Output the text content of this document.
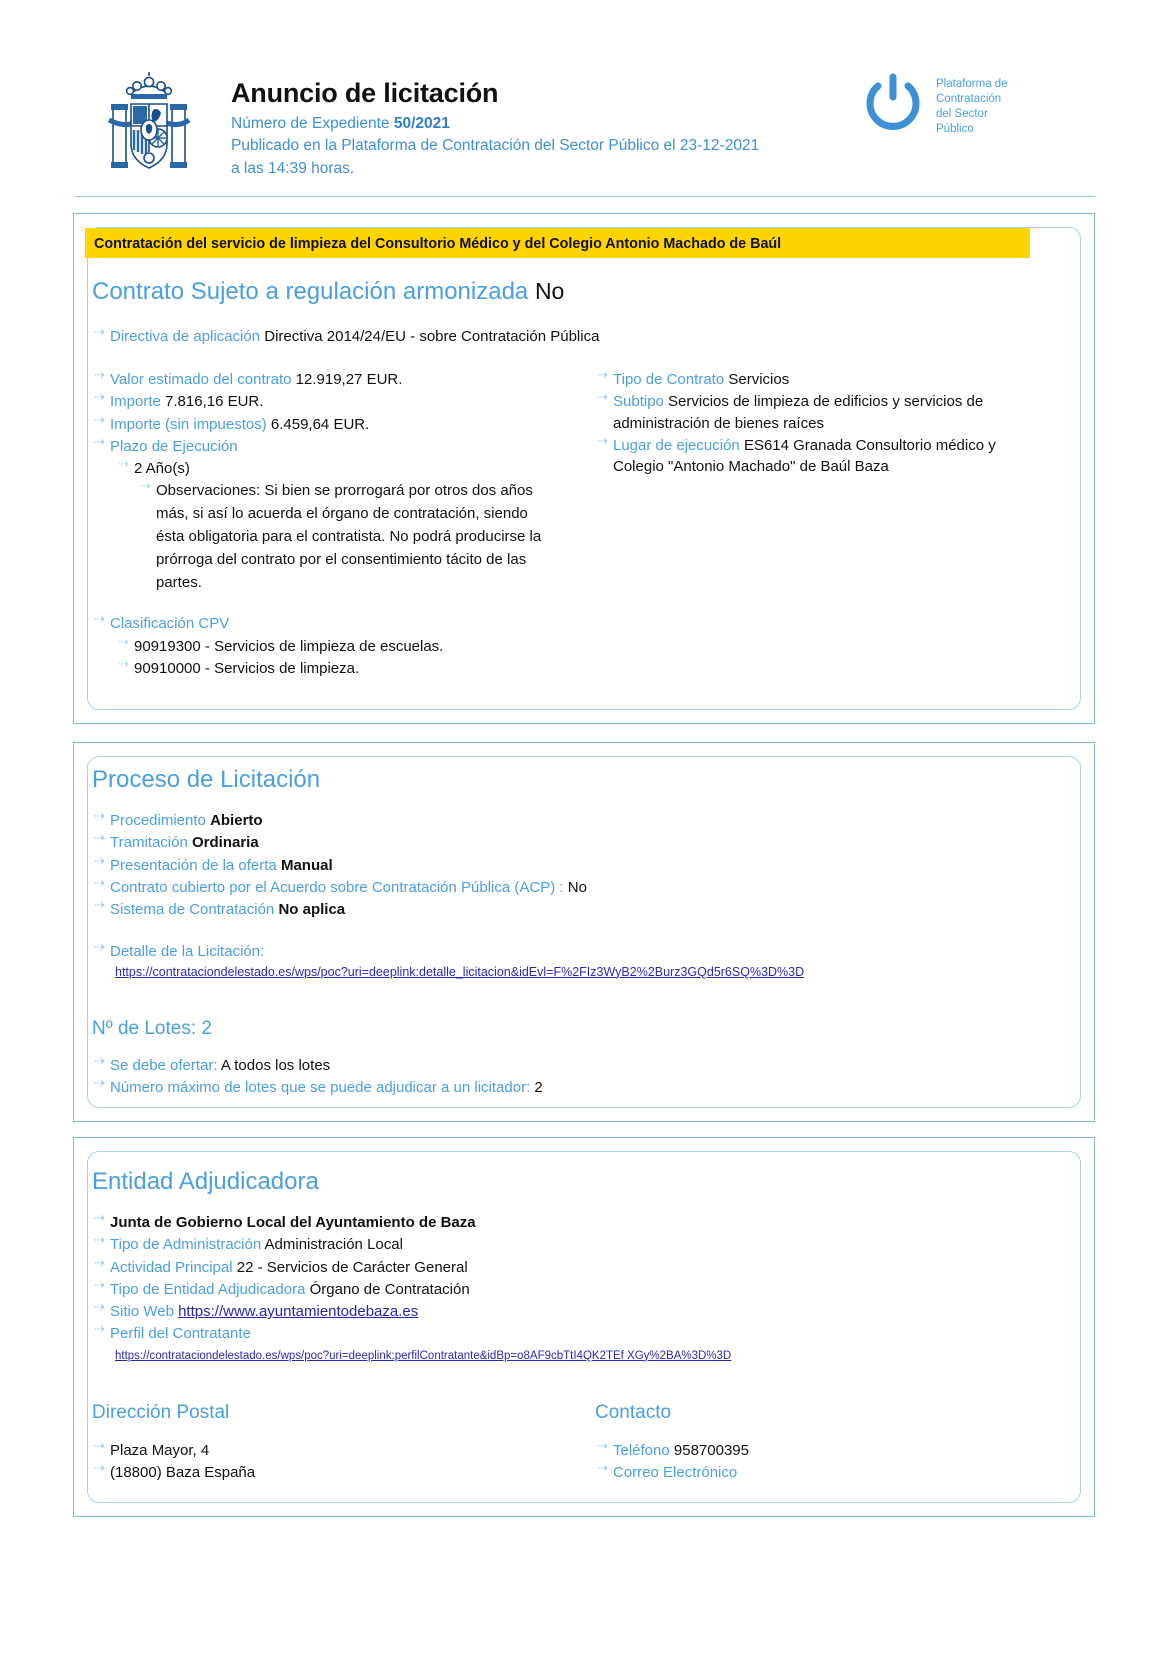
Anuncio de licitación
Número de Expediente 50/2021
Publicado en la Plataforma de Contratación del Sector Público el 23-12-2021
a las 14:39 horas.
Plataforma de
Contratación
del Sector
Público
Contratación del servicio de limpieza del Consultorio Médico y del Colegio Antonio Machado de Baúl
Contrato Sujeto a regulación armonizada No
⇢ Directiva de aplicación Directiva 2014/24/EU - sobre Contratación Pública
⇢ Valor estimado del contrato 12.919,27 EUR.
⇢ Importe 7.816,16 EUR.
⇢ Importe (sin impuestos) 6.459,64 EUR.
⇢ Plazo de Ejecución
⇢ 2 Año(s)
⇢ Observaciones: Si bien se prorrogará por otros dos años más, si así lo acuerda el órgano de contratación, siendo ésta obligatoria para el contratista. No podrá producirse la prórroga del contrato por el consentimiento tácito de las partes.
⇢ Clasificación CPV
⇢ 90919300 - Servicios de limpieza de escuelas.
⇢ 90910000 - Servicios de limpieza.
⇢ Tipo de Contrato Servicios
⇢ Subtipo Servicios de limpieza de edificios y servicios de administración de bienes raíces
⇢ Lugar de ejecución ES614 Granada Consultorio médico y Colegio "Antonio Machado" de Baúl Baza
Proceso de Licitación
⇢ Procedimiento Abierto
⇢ Tramitación Ordinaria
⇢ Presentación de la oferta Manual
⇢ Contrato cubierto por el Acuerdo sobre Contratación Pública (ACP) : No
⇢ Sistema de Contratación No aplica
⇢ Detalle de la Licitación:
https://contrataciondelestado.es/wps/poc?uri=deeplink:detalle_licitacion&idEvl=F%2FIz3WyB2%2Burz3GQd5r6SQ%3D%3D
Nº de Lotes: 2
⇢ Se debe ofertar: A todos los lotes
⇢ Número máximo de lotes que se puede adjudicar a un licitador: 2
Entidad Adjudicadora
⇢ Junta de Gobierno Local del Ayuntamiento de Baza
⇢ Tipo de Administración Administración Local
⇢ Actividad Principal 22 - Servicios de Carácter General
⇢ Tipo de Entidad Adjudicadora Órgano de Contratación
⇢ Sitio Web https://www.ayuntamientodebaza.es
⇢ Perfil del Contratante
https://contrataciondelestado.es/wps/poc?uri=deeplink:perfilContratante&idBp=o8AF9cbTtI4QK2TEf XGy%2BA%3D%3D
Dirección Postal	Contacto
⇢ Plaza Mayor, 4
⇢ (18800) Baza España
⇢ Teléfono 958700395
⇢ Correo Electrónico
